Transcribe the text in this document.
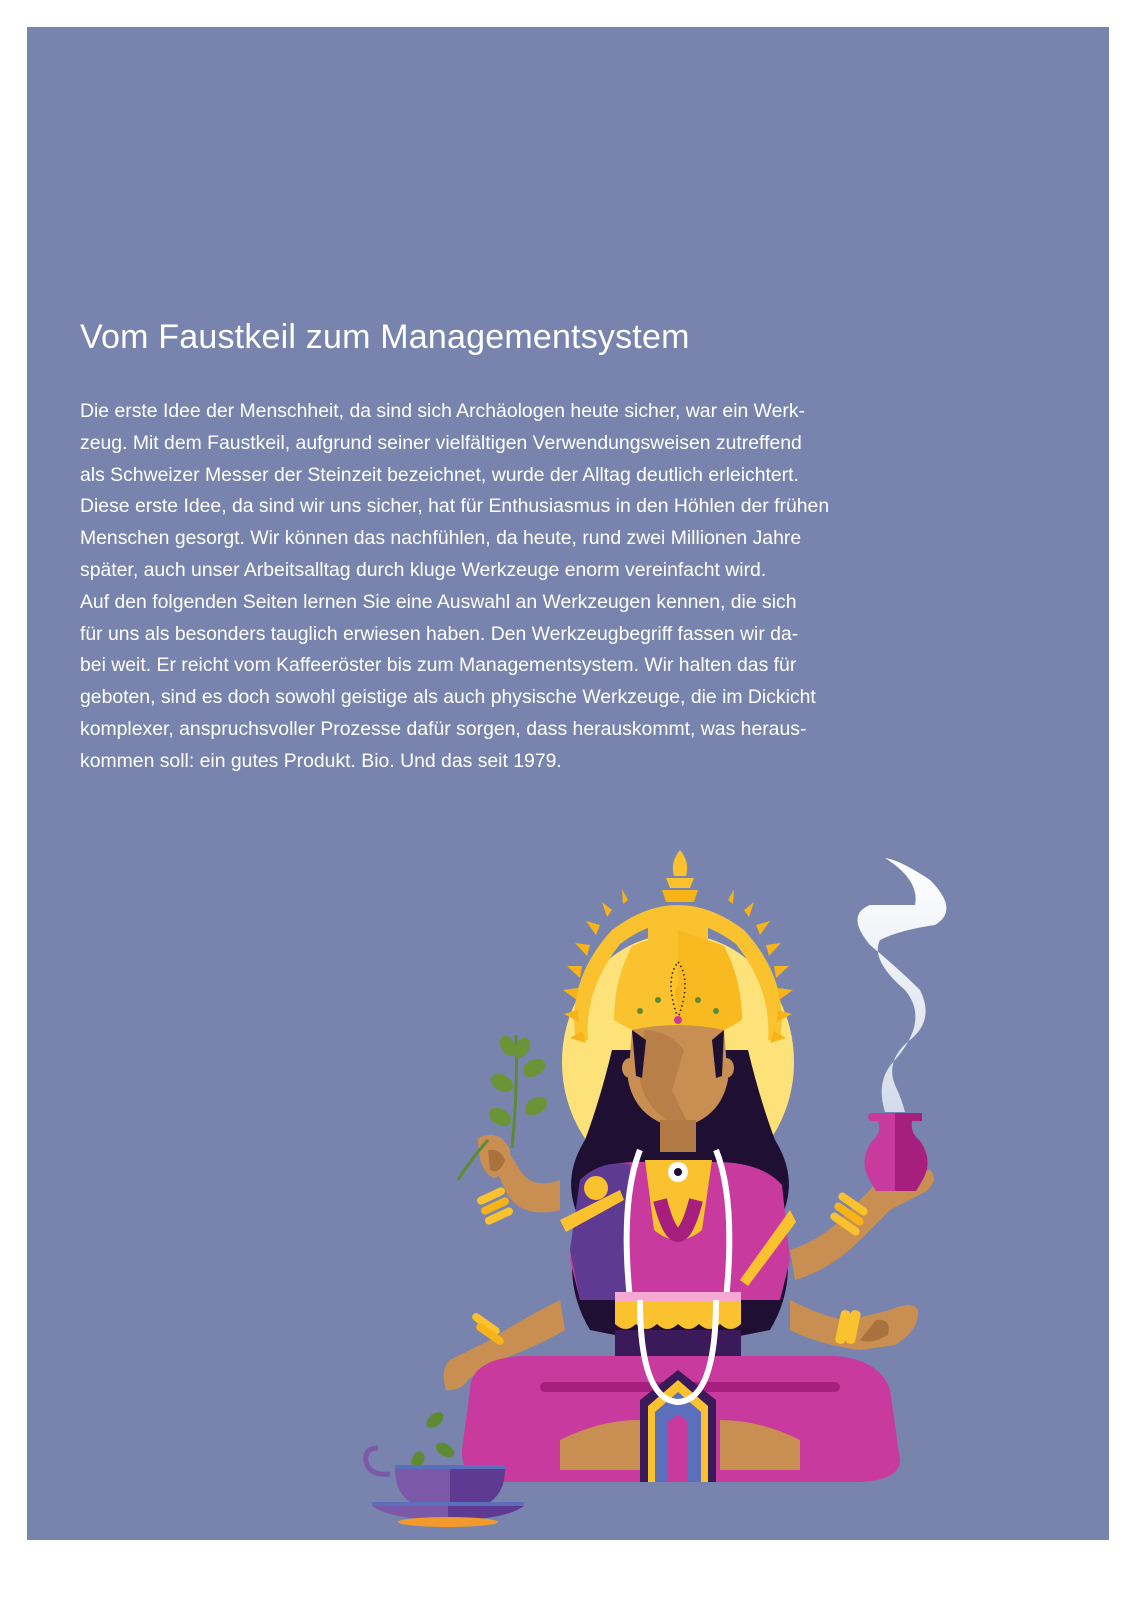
Vom Faustkeil zum Managementsystem

Die erste Idee der Menschheit, da sind sich Archäologen heute sicher, war ein Werk-
zeug. Mit dem Faustkeil, aufgrund seiner vielfältigen Verwendungsweisen zutreffend
als Schweizer Messer der Steinzeit bezeichnet, wurde der Alltag deutlich erleichtert.
Diese erste Idee, da sind wir uns sicher, hat für Enthusiasmus in den Höhlen der frühen
Menschen gesorgt. Wir können das nachfühlen, da heute, rund zwei Millionen Jahre
später, auch unser Arbeitsalltag durch kluge Werkzeuge enorm vereinfacht wird.
Auf den folgenden Seiten lernen Sie eine Auswahl an Werkzeugen kennen, die sich
für uns als besonders tauglich erwiesen haben. Den Werkzeugbegriff fassen wir da-
bei weit. Er reicht vom Kaffeeröster bis zum Managementsystem. Wir halten das für
geboten, sind es doch sowohl geistige als auch physische Werkzeuge, die im Dickicht
komplexer, anspruchsvoller Prozesse dafür sorgen, dass herauskommt, was heraus-
kommen soll: ein gutes Produkt. Bio. Und das seit 1979.
